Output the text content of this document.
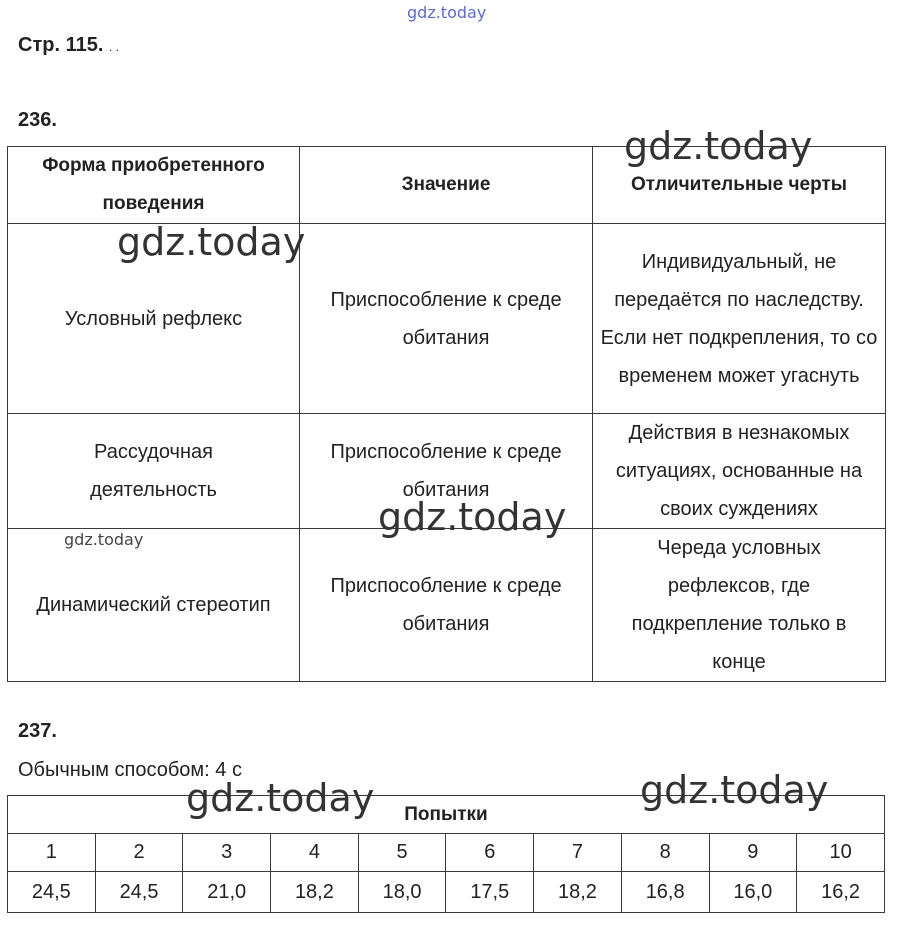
gdz.today
Стр. 115. . .
236.
Форма приобретенного поведения	Значение	Отличительные черты
Условный рефлекс	Приспособление к среде обитания	Индивидуальный, не передаётся по наследству. Если нет подкрепления, то со временем может угаснуть
Рассудочная деятельность	Приспособление к среде обитания	Действия в незнакомых ситуациях, основанные на своих суждениях
Динамический стереотип	Приспособление к среде обитания	Череда условных рефлексов, где подкрепление только в конце
gdz.today
gdz.today
gdz.today
gdz.today
237.
Обычным способом: 4 с
Попытки									
1	2	3	4	5	6	7	8	9	10
24,5	24,5	21,0	18,2	18,0	17,5	18,2	16,8	16,0	16,2
gdz.today	gdz.today
